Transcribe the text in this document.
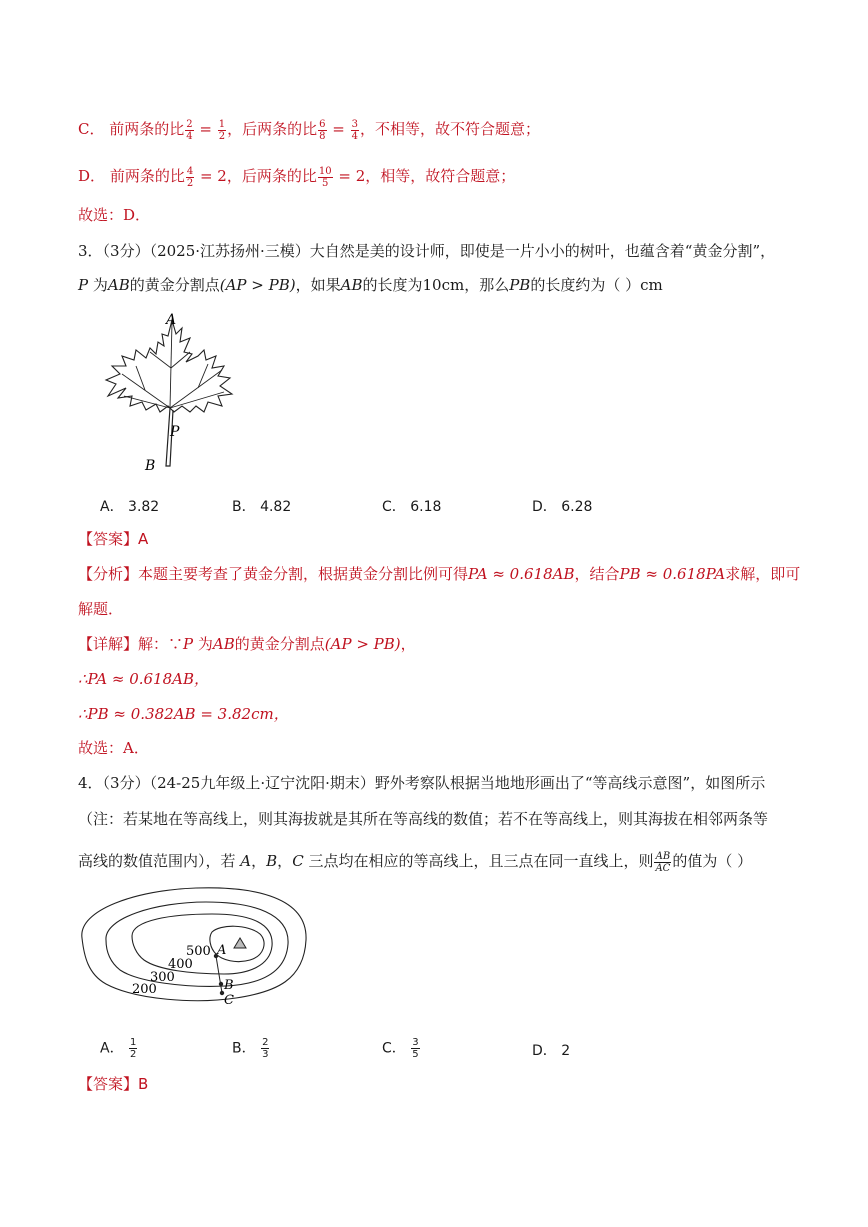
C． 前两条的比 $\frac{2}{4} = \frac{1}{2}$ ，后两条的比 $\frac{6}{8} = \frac{3}{4}$ ，不相等，故不符合题意；
D． 前两条的比 $\frac{4}{2} = 2$，后两条的比 $\frac{10}{5} = 2$，相等，故符合题意；
故选：D．
3．（3分）（2025·江苏扬州·三模）大自然是美的设计师，即使是一片小小的树叶，也蕴含着“黄金分割”，
P 为AB的黄金分割点(AP > PB)，如果AB的长度为10cm，那么PB的长度约为（ ）cm
A
P
B
A． 3.82	B． 4.82	C． 6.18	D． 6.28
【答案】A
【分析】本题主要考查了黄金分割，根据黄金分割比例可得PA ≈ 0.618AB，结合PB ≈ 0.618PA求解，即可
解题．
【详解】解：∵P 为AB的黄金分割点(AP > PB)，
∴PA ≈ 0.618AB，
∴PB ≈ 0.382AB = 3.82cm，
故选：A．
4．（3分）（24-25九年级上·辽宁沈阳·期末）野外考察队根据当地地形画出了“等高线示意图”，如图所示
（注：若某地在等高线上，则其海拔就是其所在等高线的数值；若不在等高线上，则其海拔在相邻两条等
高线的数值范围内），若 A，B，C 三点均在相应的等高线上，且三点在同一直线上，则 $\frac{AB}{AC}$ 的值为（ ）
500
400
300
200
A
B
C
A． $\frac{1}{2}$	B． $\frac{2}{3}$	C． $\frac{3}{5}$	D． 2
【答案】B
